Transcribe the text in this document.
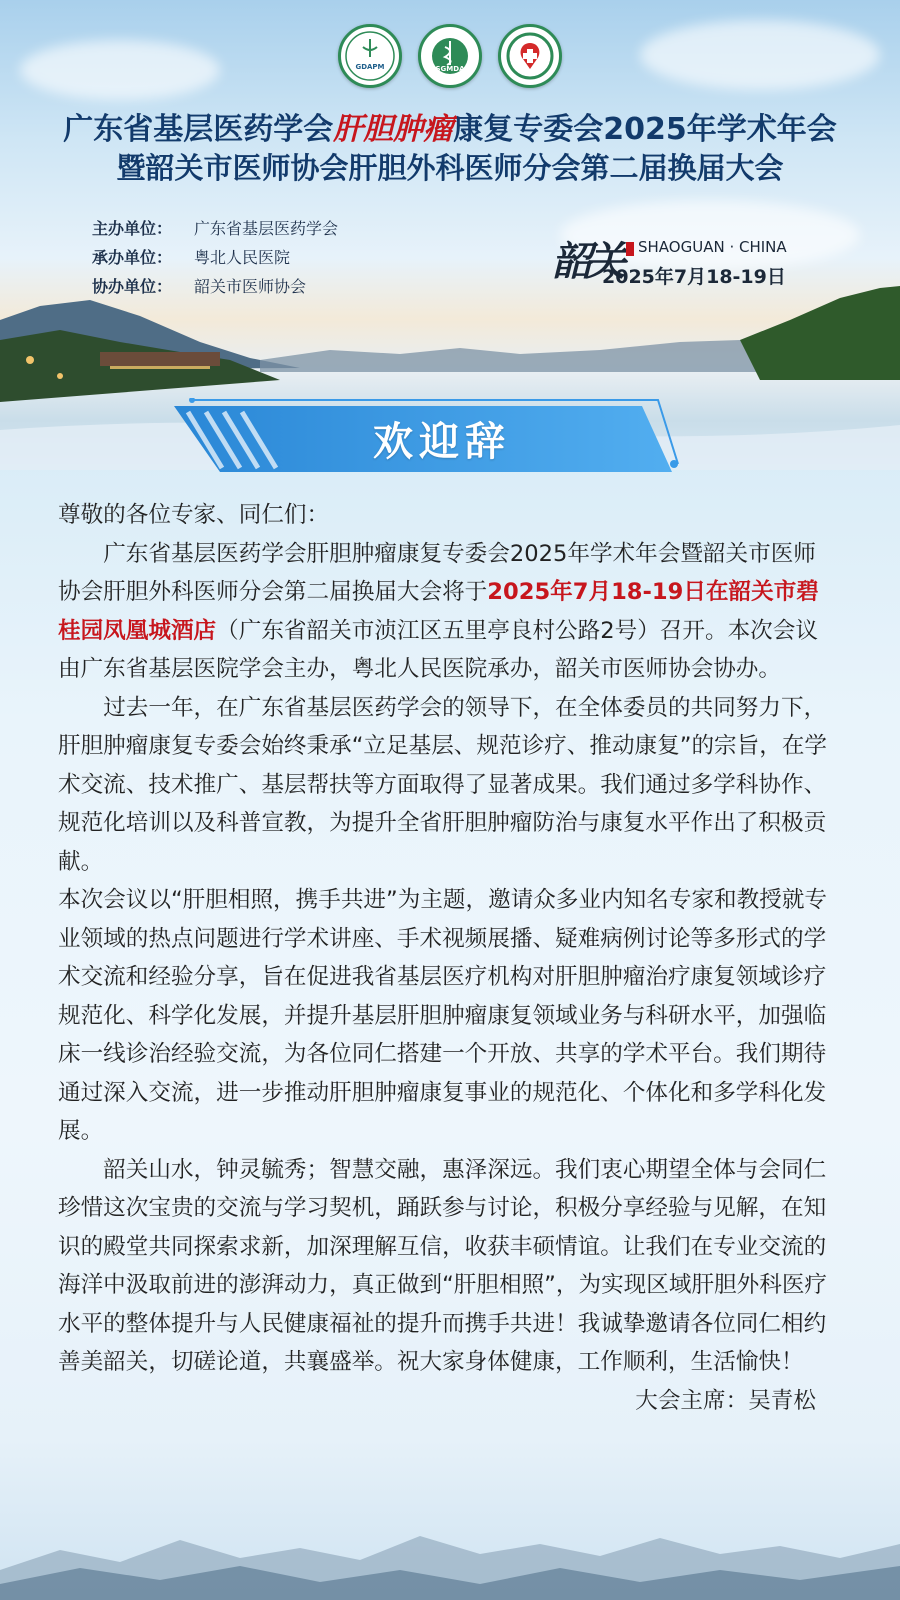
GDAPM	SGMDA
广东省基层医药学会肝胆肿瘤康复专委会2025年学术年会
暨韶关市医师协会肝胆外科医师分会第二届换届大会
主办单位：	广东省基层医药学会
承办单位：	粤北人民医院
协办单位：	韶关市医师协会
韶关 SHAOGUAN · CHINA
2025年7月18-19日
欢迎辞

尊敬的各位专家、同仁们：

广东省基层医药学会肝胆肿瘤康复专委会2025年学术年会暨韶关市医师协会肝胆外科医师分会第二届换届大会将于2025年7月18-19日在韶关市碧桂园凤凰城酒店（广东省韶关市浈江区五里亭良村公路2号）召开。本次会议由广东省基层医院学会主办，粤北人民医院承办，韶关市医师协会协办。

过去一年，在广东省基层医药学会的领导下，在全体委员的共同努力下，肝胆肿瘤康复专委会始终秉承“立足基层、规范诊疗、推动康复”的宗旨，在学术交流、技术推广、基层帮扶等方面取得了显著成果。我们通过多学科协作、规范化培训以及科普宣教，为提升全省肝胆肿瘤防治与康复水平作出了积极贡献。

本次会议以“肝胆相照，携手共进”为主题，邀请众多业内知名专家和教授就专业领域的热点问题进行学术讲座、手术视频展播、疑难病例讨论等多形式的学术交流和经验分享，旨在促进我省基层医疗机构对肝胆肿瘤治疗康复领域诊疗规范化、科学化发展，并提升基层肝胆肿瘤康复领域业务与科研水平，加强临床一线诊治经验交流，为各位同仁搭建一个开放、共享的学术平台。我们期待通过深入交流，进一步推动肝胆肿瘤康复事业的规范化、个体化和多学科化发展。

韶关山水，钟灵毓秀；智慧交融，惠泽深远。我们衷心期望全体与会同仁珍惜这次宝贵的交流与学习契机，踊跃参与讨论，积极分享经验与见解，在知识的殿堂共同探索求新，加深理解互信，收获丰硕情谊。让我们在专业交流的海洋中汲取前进的澎湃动力，真正做到“肝胆相照”，为实现区域肝胆外科医疗水平的整体提升与人民健康福祉的提升而携手共进！我诚挚邀请各位同仁相约善美韶关，切磋论道，共襄盛举。祝大家身体健康，工作顺利，生活愉快！

大会主席：吴青松
